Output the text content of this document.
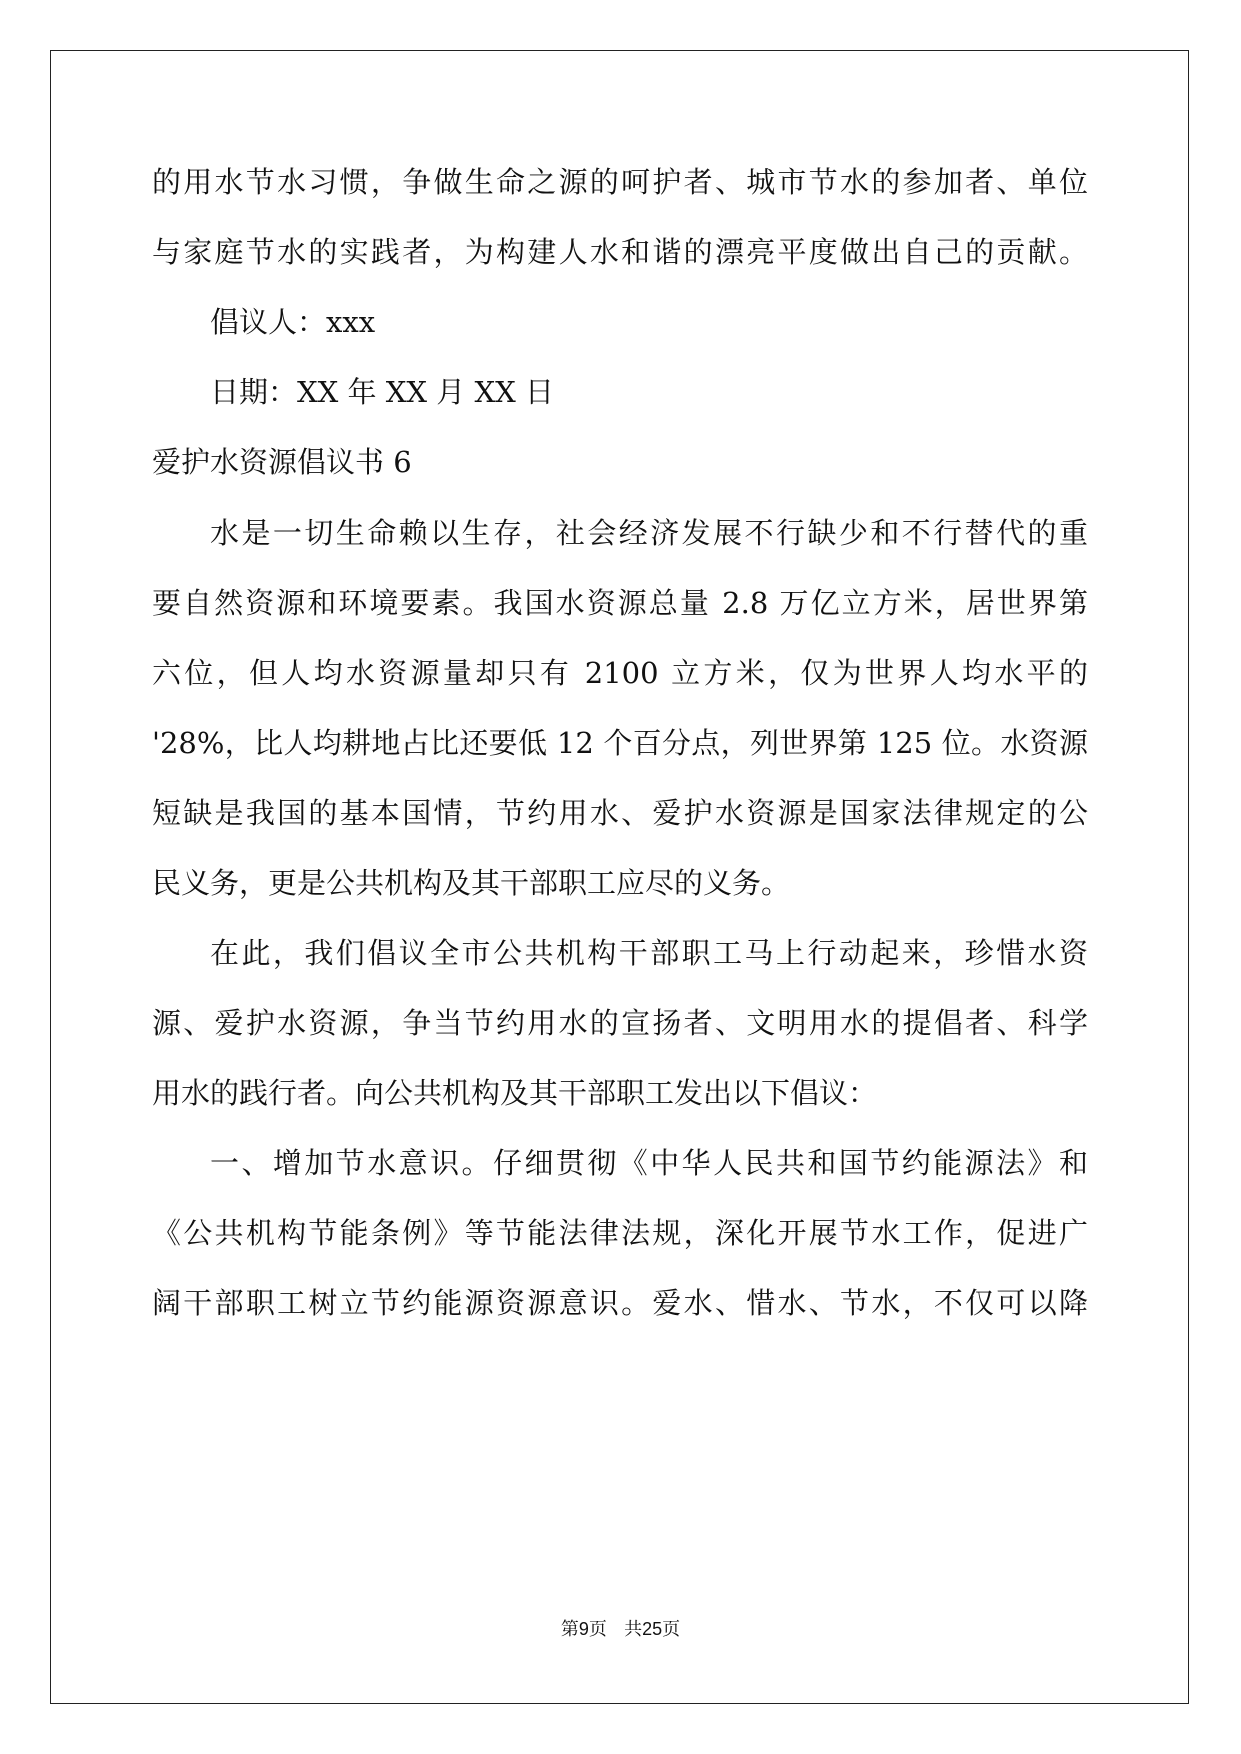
的用水节水习惯，争做生命之源的呵护者、城市节水的参加者、单位
与家庭节水的实践者，为构建人水和谐的漂亮平度做出自己的贡献。
倡议人：xxx
日期：XX 年 XX 月 XX 日
爱护水资源倡议书 6
水是一切生命赖以生存，社会经济发展不行缺少和不行替代的重
要自然资源和环境要素。我国水资源总量 2.8 万亿立方米，居世界第
六位，但人均水资源量却只有 2100 立方米，仅为世界人均水平的
'28%，比人均耕地占比还要低 12 个百分点，列世界第 125 位。水资源
短缺是我国的基本国情，节约用水、爱护水资源是国家法律规定的公
民义务，更是公共机构及其干部职工应尽的义务。
在此，我们倡议全市公共机构干部职工马上行动起来，珍惜水资
源、爱护水资源，争当节约用水的宣扬者、文明用水的提倡者、科学
用水的践行者。向公共机构及其干部职工发出以下倡议：
一、增加节水意识。仔细贯彻《中华人民共和国节约能源法》和
《公共机构节能条例》等节能法律法规，深化开展节水工作，促进广
阔干部职工树立节约能源资源意识。爱水、惜水、节水，不仅可以降
第9页 共25页
